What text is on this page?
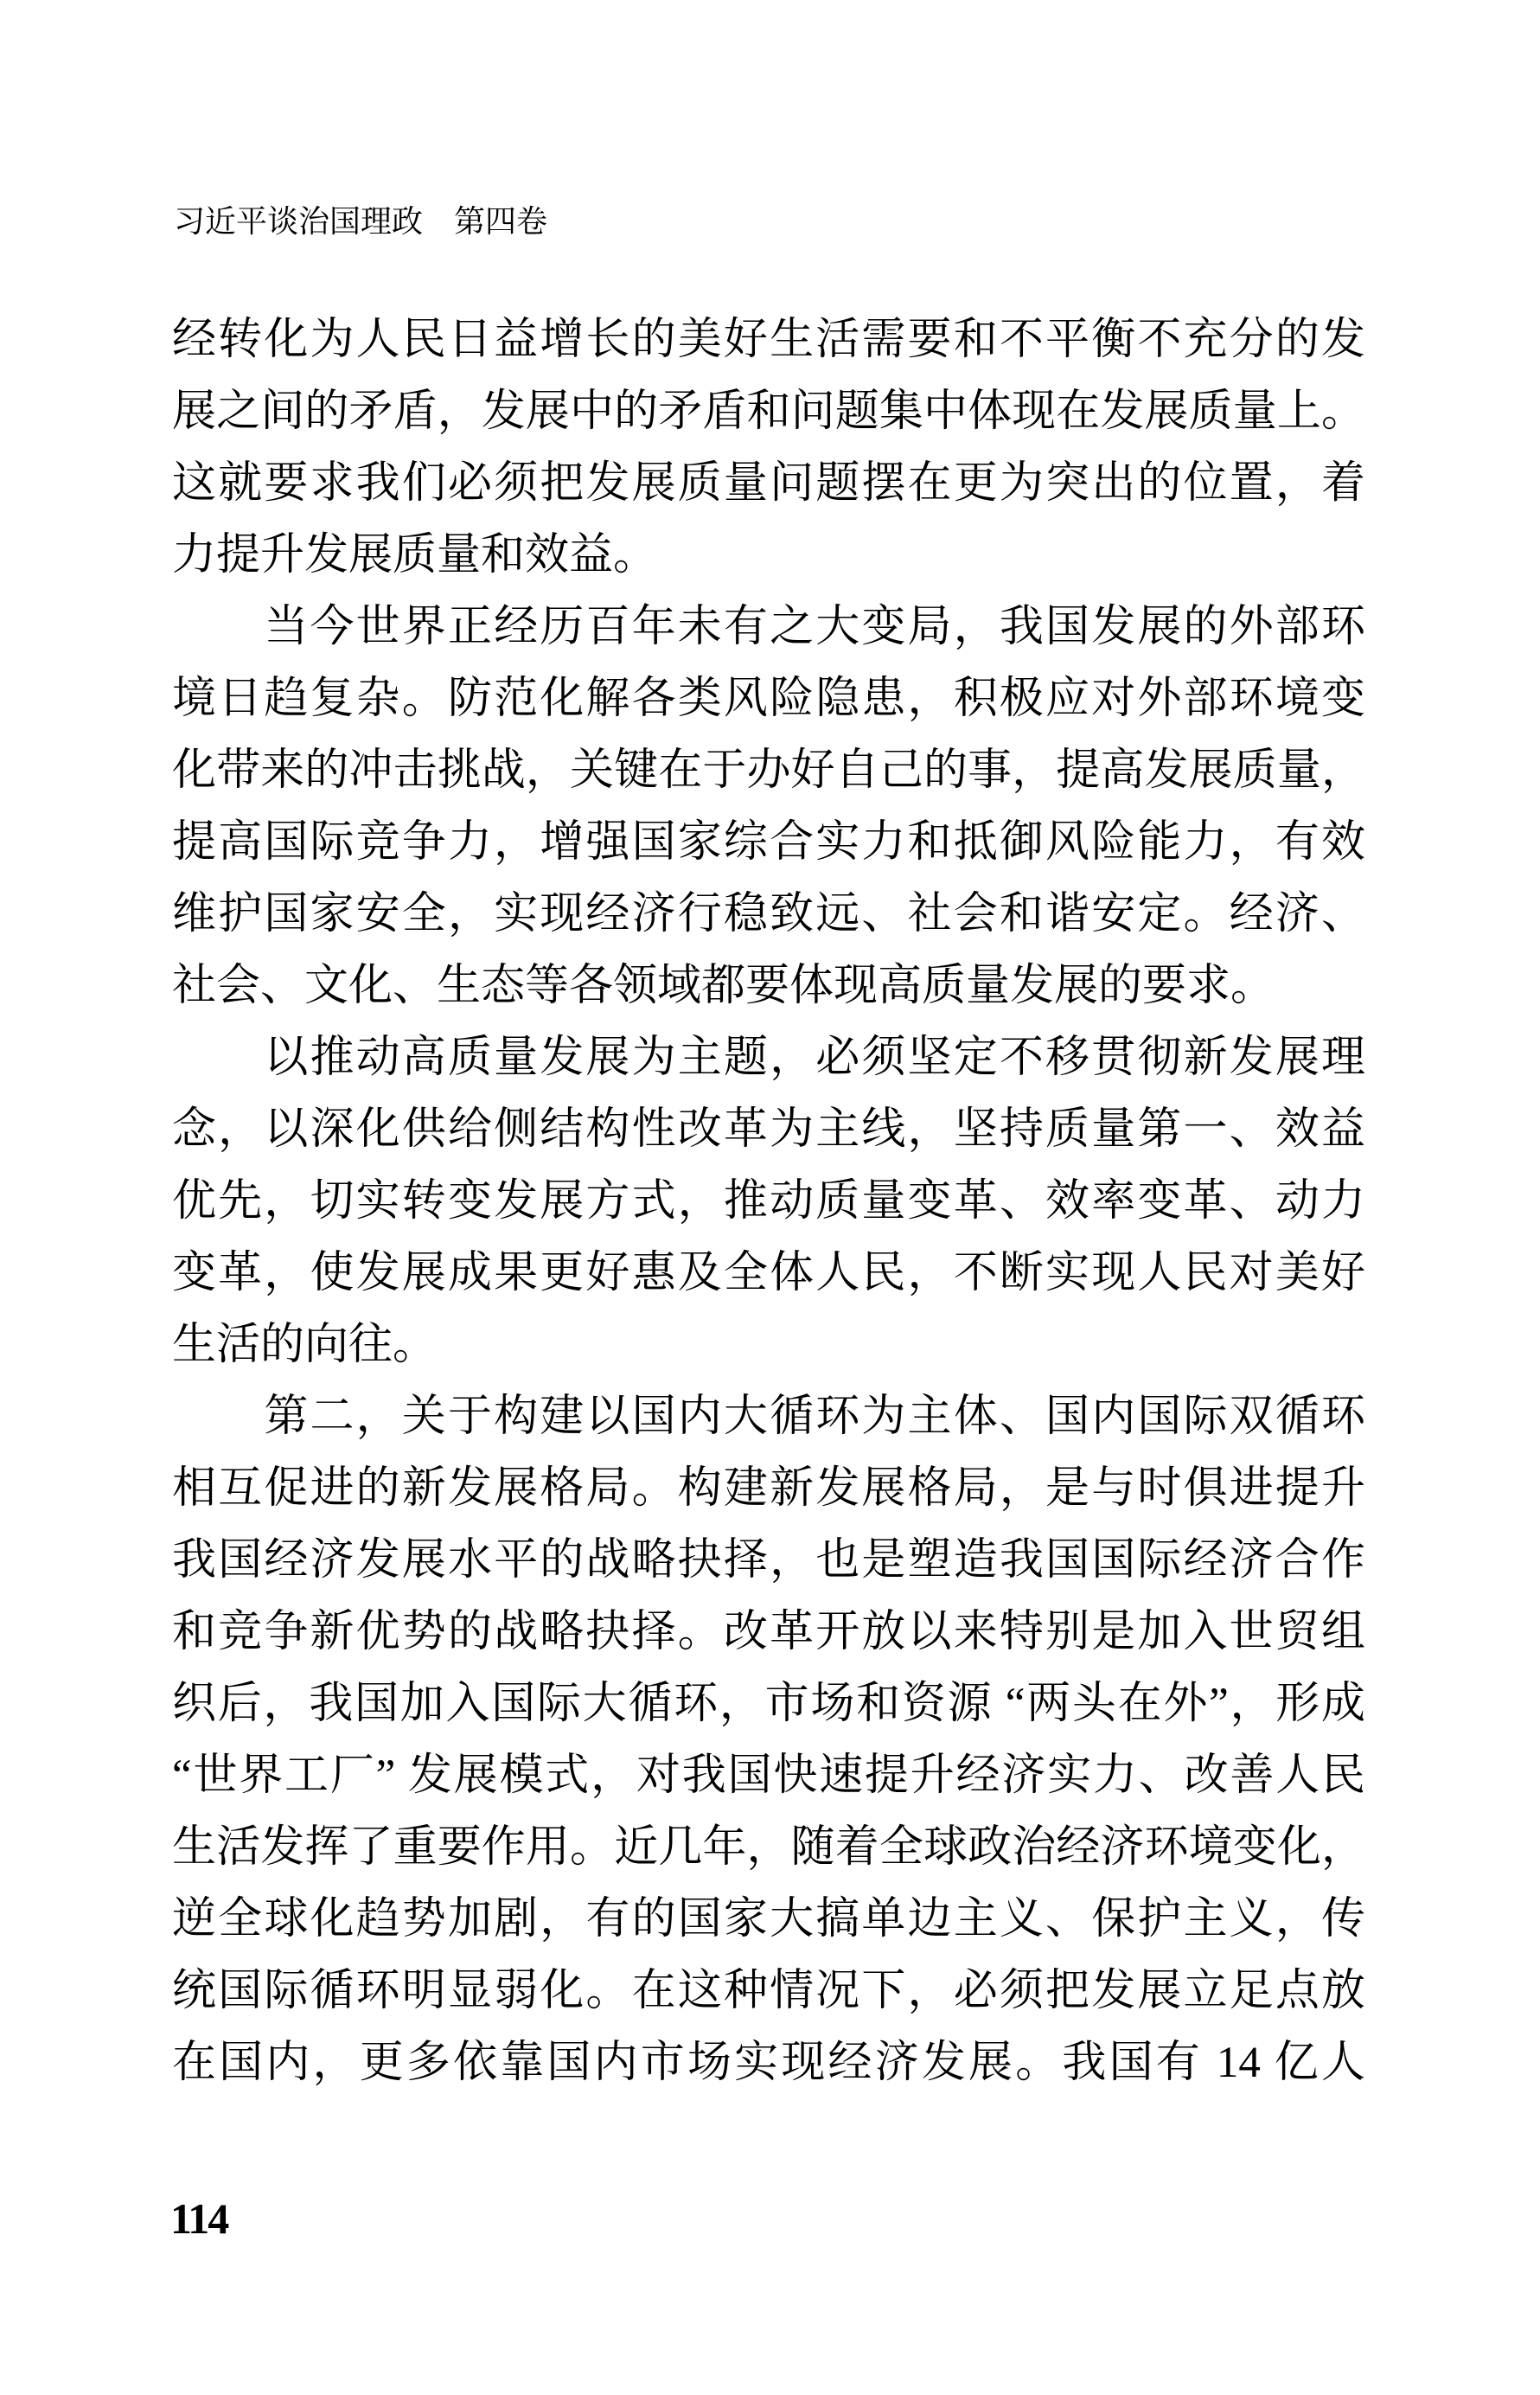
习近平谈治国理政　第四卷
经转化为人民日益增长的美好生活需要和不平衡不充分的发
展之间的矛盾，发展中的矛盾和问题集中体现在发展质量上。
这就要求我们必须把发展质量问题摆在更为突出的位置，着
力提升发展质量和效益。
　　当今世界正经历百年未有之大变局，我国发展的外部环
境日趋复杂。防范化解各类风险隐患，积极应对外部环境变
化带来的冲击挑战，关键在于办好自己的事，提高发展质量，
提高国际竞争力，增强国家综合实力和抵御风险能力，有效
维护国家安全，实现经济行稳致远、社会和谐安定。经济、
社会、文化、生态等各领域都要体现高质量发展的要求。
　　以推动高质量发展为主题，必须坚定不移贯彻新发展理
念，以深化供给侧结构性改革为主线，坚持质量第一、效益
优先，切实转变发展方式，推动质量变革、效率变革、动力
变革，使发展成果更好惠及全体人民，不断实现人民对美好
生活的向往。
　　第二，关于构建以国内大循环为主体、国内国际双循环
相互促进的新发展格局。构建新发展格局，是与时俱进提升
我国经济发展水平的战略抉择，也是塑造我国国际经济合作
和竞争新优势的战略抉择。改革开放以来特别是加入世贸组
织后，我国加入国际大循环，市场和资源 “两头在外”，形成
“世界工厂” 发展模式，对我国快速提升经济实力、改善人民
生活发挥了重要作用。近几年，随着全球政治经济环境变化，
逆全球化趋势加剧，有的国家大搞单边主义、保护主义，传
统国际循环明显弱化。在这种情况下，必须把发展立足点放
在国内，更多依靠国内市场实现经济发展。我国有 14 亿人
114
